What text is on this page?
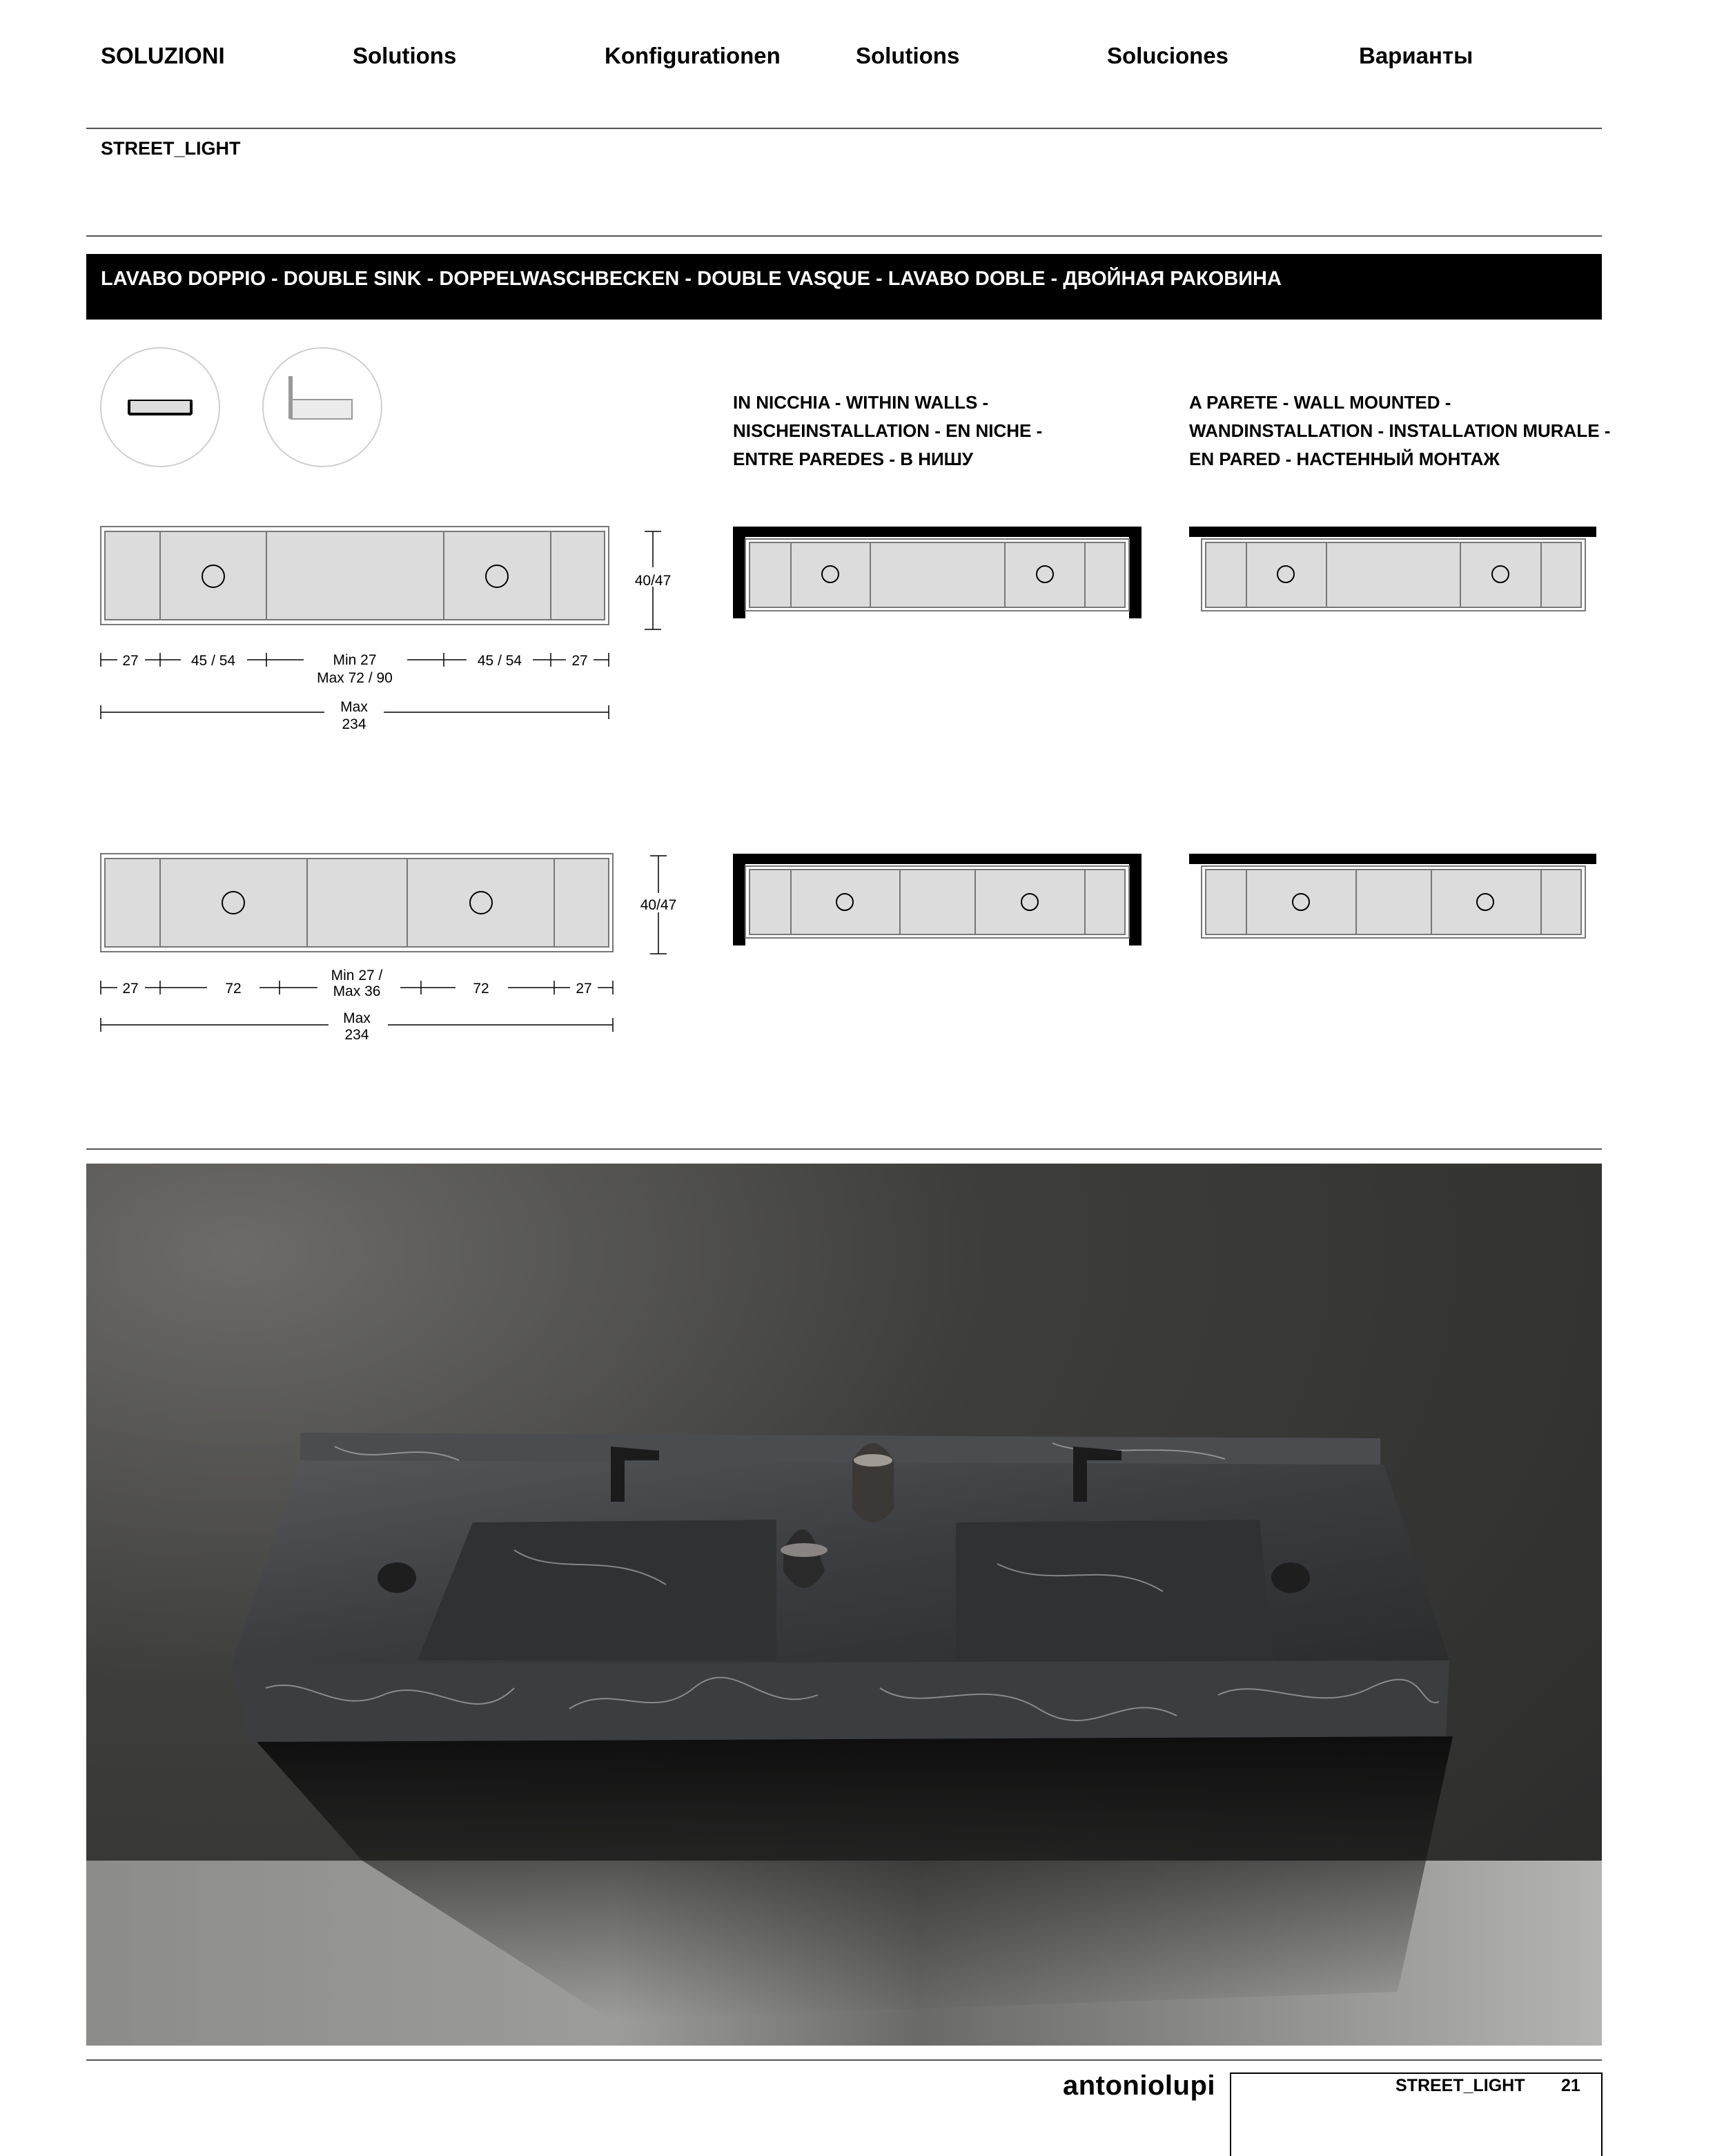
SOLUZIONI	Solutions	Konfigurationen	Solutions	Soluciones	Варианты
STREET_LIGHT
LAVABO DOPPIO - DOUBLE SINK - DOPPELWASCHBECKEN - DOUBLE VASQUE - LAVABO DOBLE - ДВОЙНАЯ РАКОВИНА
IN NICCHIA - WITHIN WALLS -
NISCHEINSTALLATION - EN NICHE -
ENTRE PAREDES - В НИШУ
A PARETE - WALL MOUNTED -
WANDINSTALLATION - INSTALLATION MURALE -
EN PARED - НАСТЕННЫЙ МОНТАЖ
40/47
27	45 / 54	Min 27
Max 72 / 90
45 / 54	27
Max
234
40/47
27	72
Min 27 /
Max 36	72	27
Max
234
antoniolupi	STREET_LIGHT 21
